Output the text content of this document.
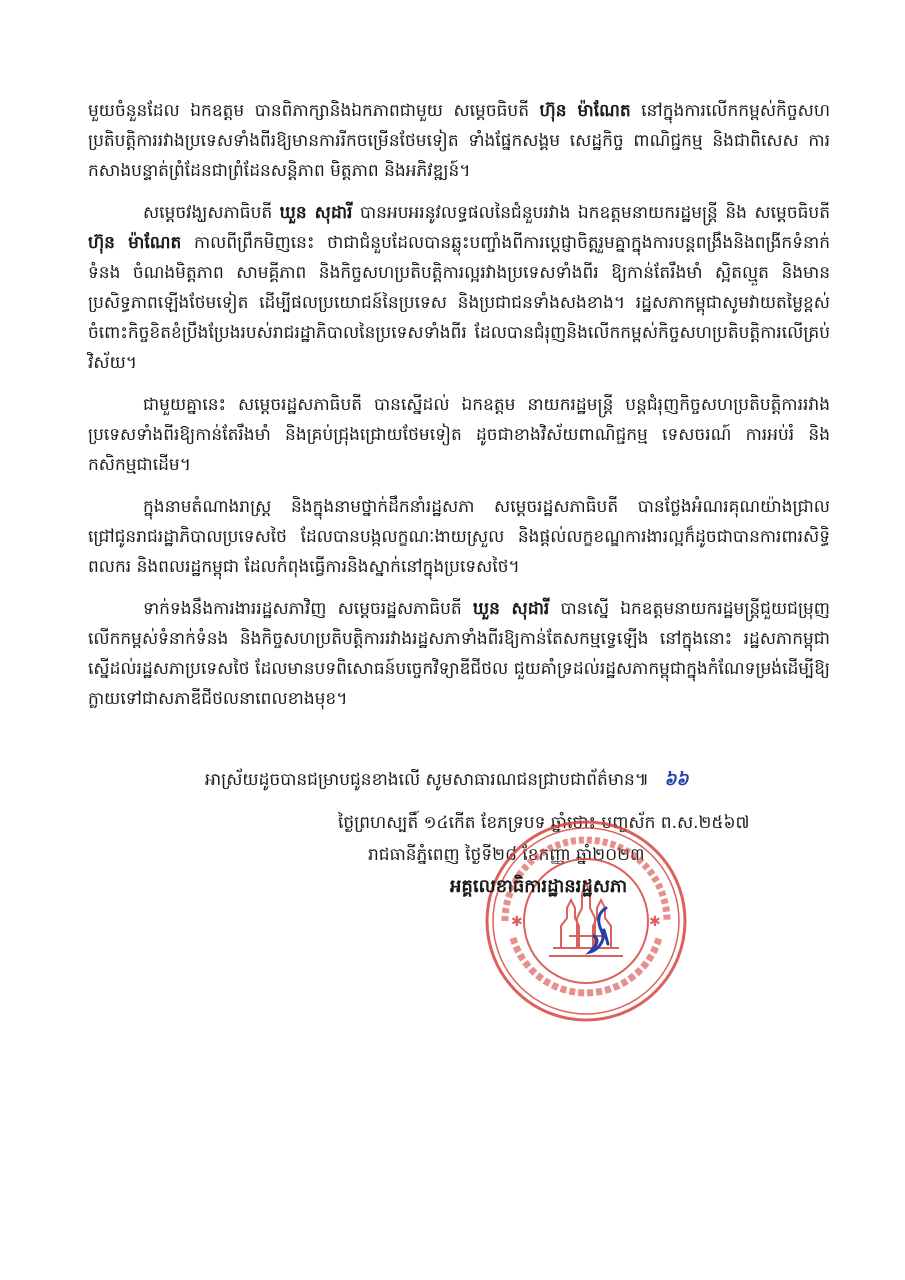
មួយចំនួនដែល ឯកឧត្តម បានពិភាក្សានិងឯកភាពជាមួយ សម្តេចធិបតី ហ៊ុន ម៉ាណែត នៅក្នុងការលើកកម្ពស់កិច្ចសហប្រតិបត្តិការរវាងប្រទេសទាំងពីរឱ្យមានការរីកចម្រើនថែមទៀត ទាំងផ្នែកសង្គម សេដ្ឋកិច្ច ពាណិជ្ជកម្ម និងជាពិសេស ការកសាងបន្ទាត់ព្រំដែនជាព្រំដែនសន្តិភាព មិត្តភាព និងអភិវឌ្ឍន៍។

សម្តេចវង្ឃសភាធិបតី ឃួន សុដារី បានអបអរនូវលទ្ធផលនៃជំនួបរវាង ឯកឧត្តមនាយករដ្ឋមន្ត្រី និង សម្តេចធិបតី ហ៊ុន ម៉ាណែត កាលពីព្រឹកមិញនេះ ថាជាជំនួបដែលបានឆ្លុះបញ្ចាំងពីការប្តេជ្ញាចិត្តរួមគ្នាក្នុងការបន្តពង្រឹងនិងពង្រីកទំនាក់ទំនង ចំណងមិត្តភាព សាមគ្គីភាព និងកិច្ចសហប្រតិបត្តិការល្អរវាងប្រទេសទាំងពីរ ឱ្យកាន់តែរឹងមាំ ស្អិតល្មួត និងមានប្រសិទ្ធភាពឡើងថែមទៀត ដើម្បីផលប្រយោជន៍នៃប្រទេស និងប្រជាជនទាំងសងខាង។ រដ្ឋសភាកម្ពុជាសូមវាយតម្លៃខ្ពស់ចំពោះកិច្ចខិតខំប្រឹងប្រែងរបស់រាជរដ្ឋាភិបាលនៃប្រទេសទាំងពីរ ដែលបានជំរុញនិងលើកកម្ពស់កិច្ចសហប្រតិបត្តិការលើគ្រប់វិស័យ។

ជាមួយគ្នានេះ សម្តេចរដ្ឋសភាធិបតី បានស្នើដល់ ឯកឧត្តម នាយករដ្ឋមន្ត្រី បន្តជំរុញកិច្ចសហប្រតិបត្តិការរវាងប្រទេសទាំងពីរឱ្យកាន់តែរឹងមាំ និងគ្រប់ជ្រុងជ្រោយថែមទៀត ដូចជាខាងវិស័យពាណិជ្ជកម្ម ទេសចរណ៍ ការអប់រំ និងកសិកម្មជាដើម។

ក្នុងនាមតំណាងរាស្ត្រ និងក្នុងនាមថ្នាក់ដឹកនាំរដ្ឋសភា សម្តេចរដ្ឋសភាធិបតី បានថ្លែងអំណរគុណយ៉ាងជ្រាលជ្រៅជូនរាជរដ្ឋាភិបាលប្រទេសថៃ ដែលបានបង្កលក្ខណៈងាយស្រួល និងផ្តល់លក្ខខណ្ឌការងារល្អក៏ដូចជាបានការពារសិទ្ធិពលករ និងពលរដ្ឋកម្ពុជា ដែលកំពុងធ្វើការនិងស្នាក់នៅក្នុងប្រទេសថៃ។

ទាក់ទងនឹងការងាររដ្ឋសភាវិញ សម្តេចរដ្ឋសភាធិបតី ឃួន សុដារី បានស្នើ ឯកឧត្តមនាយករដ្ឋមន្ត្រីជួយជម្រុញលើកកម្ពស់ទំនាក់ទំនង និងកិច្ចសហប្រតិបត្តិការរវាងរដ្ឋសភាទាំងពីរឱ្យកាន់តែសកម្មទ្វេឡើង នៅក្នុងនោះ រដ្ឋសភាកម្ពុជាស្នើដល់រដ្ឋសភាប្រទេសថៃ ដែលមានបទពិសោធន៍បច្ចេកវិទ្យាឌីជីថល ជួយគាំទ្រដល់រដ្ឋសភាកម្ពុជាក្នុងកំណែទម្រង់ដើម្បីឱ្យក្លាយទៅជាសភាឌីជីថលនាពេលខាងមុខ។

អាស្រ័យដូចបានជម្រាបជូនខាងលើ សូមសាធារណជនជ្រាបជាព័ត៌មាន៕ ៦៦
ថ្ងៃព្រហស្បតិ៍ ១៤កើត ខែភទ្របទ ឆ្នាំថោះ បញ្ចស័ក ព.ស.២៥៦៧
រាជធានីភ្នំពេញ ថ្ងៃទី២៨ ខែកញ្ញា ឆ្នាំ២០២៣
✱	✱
អគ្គលេខាធិការដ្ឋានរដ្ឋសភា
